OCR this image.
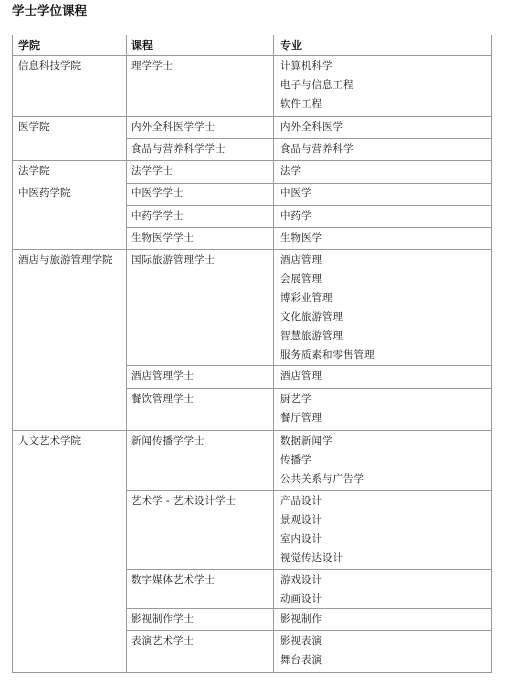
学士学位课程
学院	课程	专业
信息科技学院
医学院
法学院
中医药学院
酒店与旅游管理学院
人文艺术学院
理学学士
内外全科医学学士
食品与营养科学学士
法学学士
中医学学士
中药学学士
生物医学学士
国际旅游管理学士
酒店管理学士
餐饮管理学士
新闻传播学学士
艺术学 - 艺术设计学士
数字媒体艺术学士
影视制作学士
表演艺术学士
计算机科学
电子与信息工程
软件工程
内外全科医学
食品与营养科学
法学
中医学
中药学
生物医学
酒店管理
会展管理
博彩业管理
文化旅游管理
智慧旅游管理
服务质素和零售管理
酒店管理
厨艺学
餐厅管理
数据新闻学
传播学
公共关系与广告学
产品设计
景观设计
室内设计
视觉传达设计
游戏设计
动画设计
影视制作
影视表演
舞台表演
